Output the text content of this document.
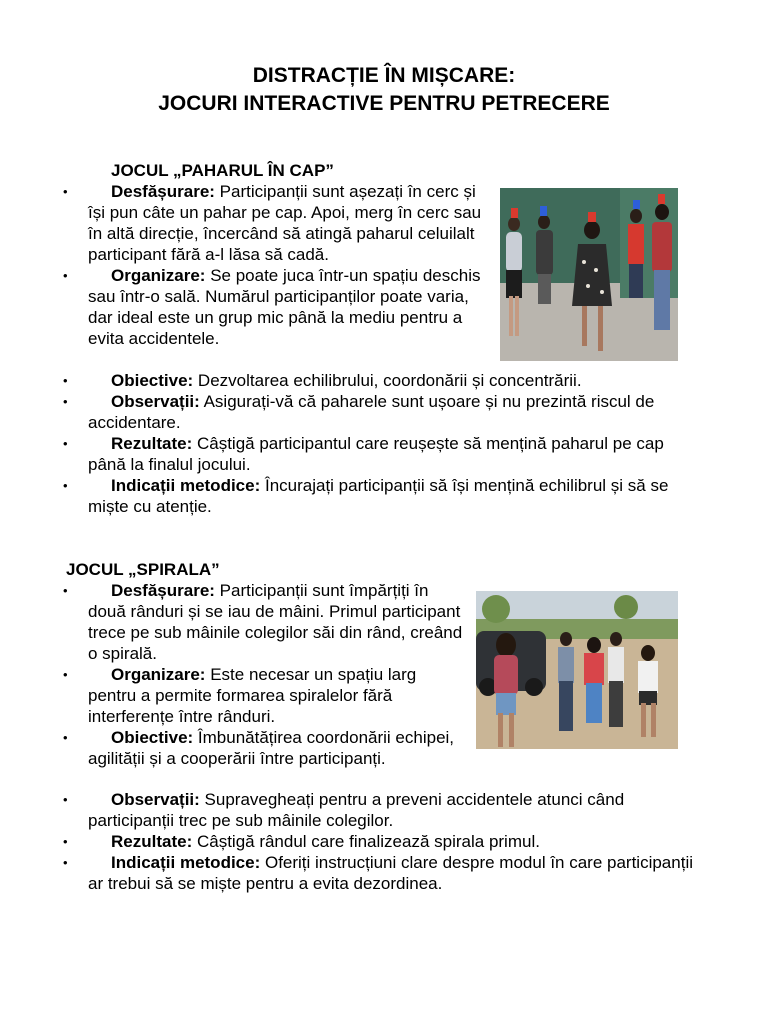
DISTRACȚIE ÎN MIȘCARE:
JOCURI INTERACTIVE PENTRU PETRECERE
JOCUL „PAHARUL ÎN CAP”
• Desfășurare: Participanții sunt așezați în cerc și își pun câte un pahar pe cap. Apoi, merg în cerc sau în altă direcție, încercând să atingă paharul celuilalt participant fără a-l lăsa să cadă.
• Organizare: Se poate juca într-un spațiu deschis sau într-o sală. Numărul participanților poate varia, dar ideal este un grup mic până la mediu pentru a evita accidentele.
• Obiective: Dezvoltarea echilibrului, coordonării și concentrării.
• Observații: Asigurați-vă că paharele sunt ușoare și nu prezintă riscul de accidentare.
• Rezultate: Câștigă participantul care reușește să mențină paharul pe cap până la finalul jocului.
• Indicații metodice: Încurajați participanții să își mențină echilibrul și să se miște cu atenție.
JOCUL „SPIRALA”
• Desfășurare: Participanții sunt împărțiți în două rânduri și se iau de mâini. Primul participant trece pe sub mâinile colegilor săi din rând, creând o spirală.
• Organizare: Este necesar un spațiu larg pentru a permite formarea spiralelor fără interferențe între rânduri.
• Obiective: Îmbunătățirea coordonării echipei, agilității și a cooperării între participanți.
• Observații: Supravegheați pentru a preveni accidentele atunci când participanții trec pe sub mâinile colegilor.
• Rezultate: Câștigă rândul care finalizează spirala primul.
• Indicații metodice: Oferiți instrucțiuni clare despre modul în care participanții ar trebui să se miște pentru a evita dezordinea.
